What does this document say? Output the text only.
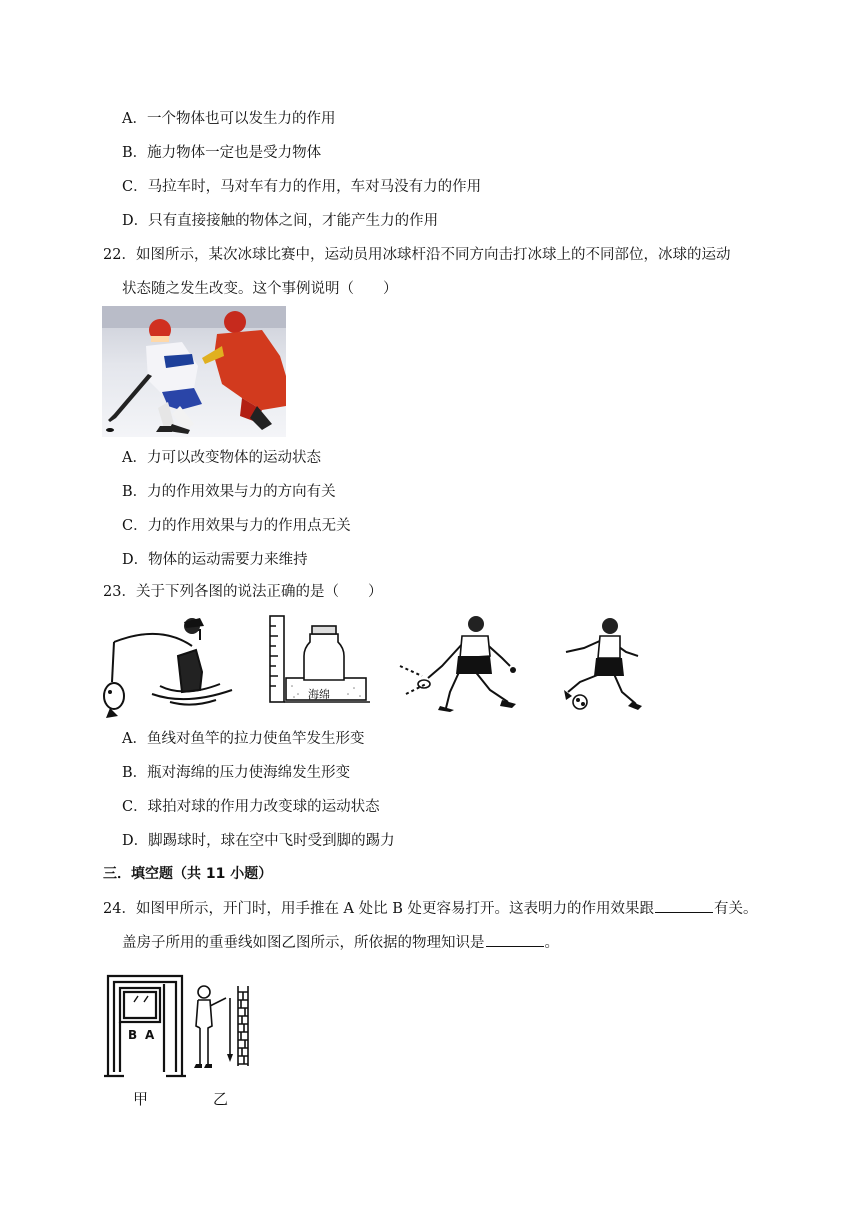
A．一个物体也可以发生力的作用
B．施力物体一定也是受力物体
C．马拉车时，马对车有力的作用，车对马没有力的作用
D．只有直接接触的物体之间，才能产生力的作用
22．如图所示，某次冰球比赛中，运动员用冰球杆沿不同方向击打冰球上的不同部位，冰球的运动
状态随之发生改变。这个事例说明（　　）
A．力可以改变物体的运动状态
B．力的作用效果与力的方向有关
C．力的作用效果与力的作用点无关
D．物体的运动需要力来维持
23．关于下列各图的说法正确的是（　　）
海绵
A．鱼线对鱼竿的拉力使鱼竿发生形变
B．瓶对海绵的压力使海绵发生形变
C．球拍对球的作用力改变球的运动状态
D．脚踢球时，球在空中飞时受到脚的踢力
三．填空题（共 11 小题）
24．如图甲所示，开门时，用手推在 A 处比 B 处更容易打开。这表明力的作用效果跟	有关。
盖房子所用的重垂线如图乙图所示，所依据的物理知识是	。
B A
甲	乙
